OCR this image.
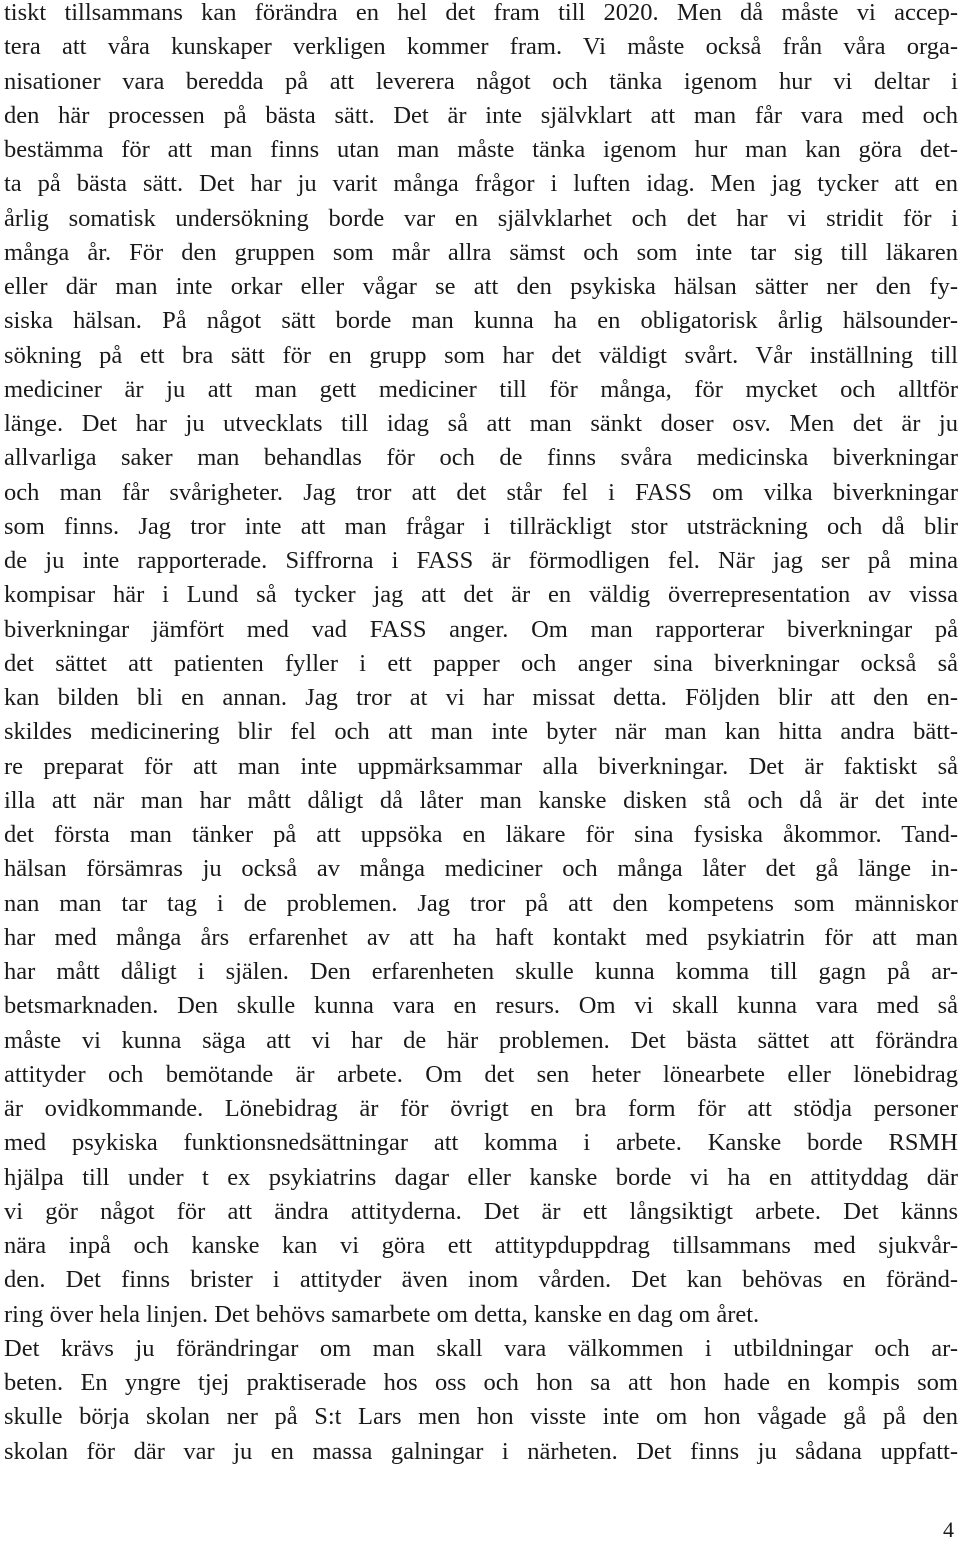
tiskt tillsammans kan förändra en hel det fram till 2020. Men då måste vi accep-
tera att våra kunskaper verkligen kommer fram. Vi måste också från våra orga-
nisationer vara beredda på att leverera något och tänka igenom hur vi deltar i
den här processen på bästa sätt. Det är inte självklart att man får vara med och
bestämma för att man finns utan man måste tänka igenom hur man kan göra det-
ta på bästa sätt. Det har ju varit många frågor i luften idag. Men jag tycker att en
årlig somatisk undersökning borde var en självklarhet och det har vi stridit för i
många år. För den gruppen som mår allra sämst och som inte tar sig till läkaren
eller där man inte orkar eller vågar se att den psykiska hälsan sätter ner den fy-
siska hälsan. På något sätt borde man kunna ha en obligatorisk årlig hälsounder-
sökning på ett bra sätt för en grupp som har det väldigt svårt. Vår inställning till
mediciner är ju att man gett mediciner till för många, för mycket och alltför
länge. Det har ju utvecklats till idag så att man sänkt doser osv. Men det är ju
allvarliga saker man behandlas för och de finns svåra medicinska biverkningar
och man får svårigheter. Jag tror att det står fel i FASS om vilka biverkningar
som finns. Jag tror inte att man frågar i tillräckligt stor utsträckning och då blir
de ju inte rapporterade. Siffrorna i FASS är förmodligen fel. När jag ser på mina
kompisar här i Lund så tycker jag att det är en väldig överrepresentation av vissa
biverkningar jämfört med vad FASS anger. Om man rapporterar biverkningar på
det sättet att patienten fyller i ett papper och anger sina biverkningar också så
kan bilden bli en annan. Jag tror at vi har missat detta. Följden blir att den en-
skildes medicinering blir fel och att man inte byter när man kan hitta andra bätt-
re preparat för att man inte uppmärksammar alla biverkningar. Det är faktiskt så
illa att när man har mått dåligt då låter man kanske disken stå och då är det inte
det första man tänker på att uppsöka en läkare för sina fysiska åkommor. Tand-
hälsan försämras ju också av många mediciner och många låter det gå länge in-
nan man tar tag i de problemen. Jag tror på att den kompetens som människor
har med många års erfarenhet av att ha haft kontakt med psykiatrin för att man
har mått dåligt i själen. Den erfarenheten skulle kunna komma till gagn på ar-
betsmarknaden. Den skulle kunna vara en resurs. Om vi skall kunna vara med så
måste vi kunna säga att vi har de här problemen. Det bästa sättet att förändra
attityder och bemötande är arbete. Om det sen heter lönearbete eller lönebidrag
är ovidkommande. Lönebidrag är för övrigt en bra form för att stödja personer
med psykiska funktionsnedsättningar att komma i arbete. Kanske borde RSMH
hjälpa till under t ex psykiatrins dagar eller kanske borde vi ha en attityddag där
vi gör något för att ändra attityderna. Det är ett långsiktigt arbete. Det känns
nära inpå och kanske kan vi göra ett attitypduppdrag tillsammans med sjukvår-
den. Det finns brister i attityder även inom vården. Det kan behövas en föränd-
ring över hela linjen. Det behövs samarbete om detta, kanske en dag om året.
Det krävs ju förändringar om man skall vara välkommen i utbildningar och ar-
beten. En yngre tjej praktiserade hos oss och hon sa att hon hade en kompis som
skulle börja skolan ner på S:t Lars men hon visste inte om hon vågade gå på den
skolan för där var ju en massa galningar i närheten. Det finns ju sådana uppfatt-
4
